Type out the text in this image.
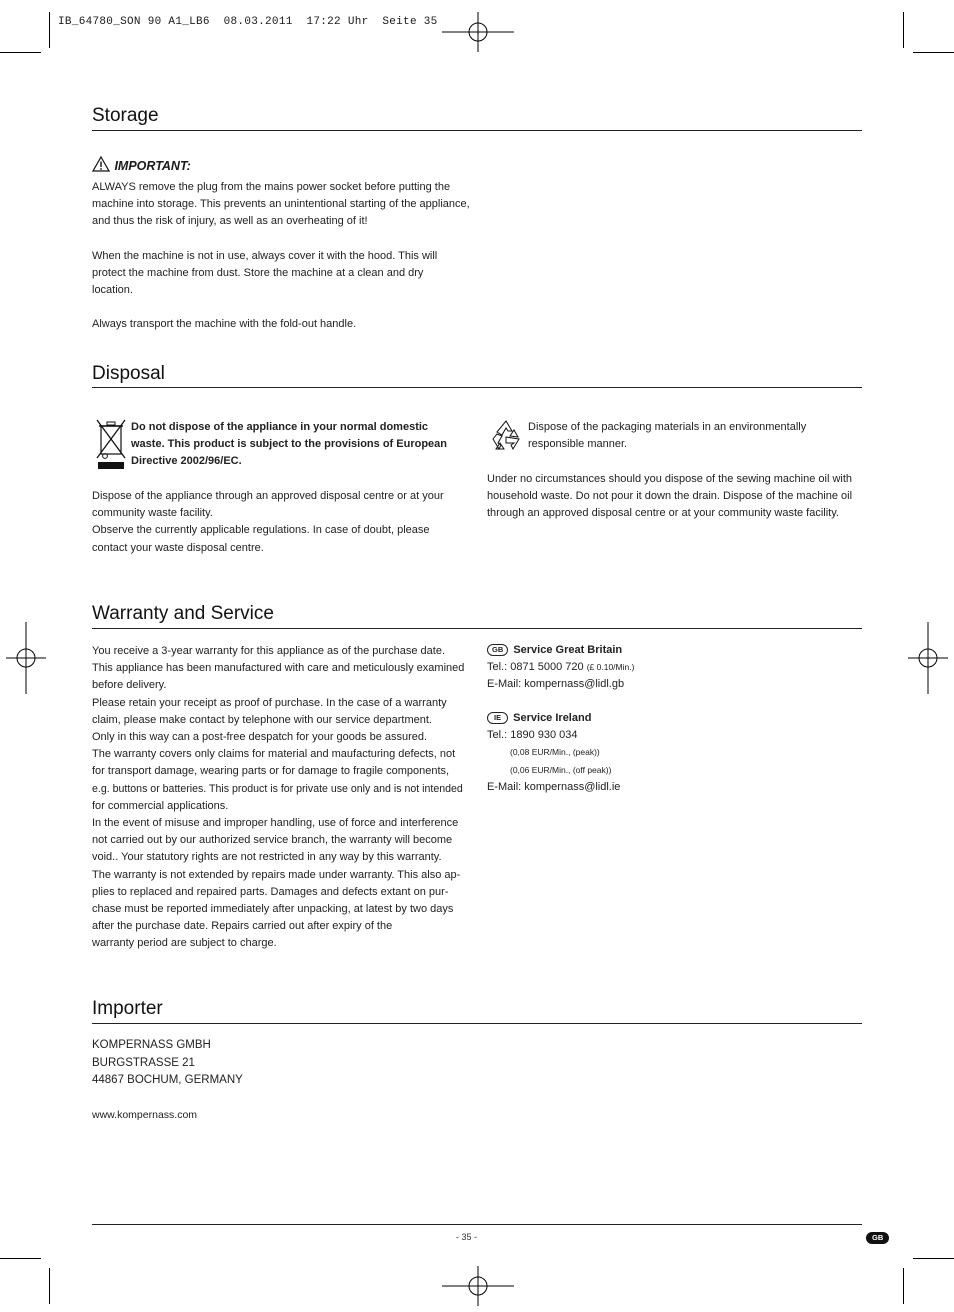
IB_64780_SON 90 A1_LB6  08.03.2011  17:22 Uhr  Seite 35
Storage
IMPORTANT:

ALWAYS remove the plug from the mains power socket before putting the

machine into storage. This prevents an unintentional starting of the appliance,

and thus the risk of injury, as well as an overheating of it!

When the machine is not in use, always cover it with the hood. This will

protect the machine from dust. Store the machine at a clean and dry

location.

Always transport the machine with the fold-out handle.
Disposal

Do not dispose of the appliance in your normal domestic

waste. This product is subject to the provisions of European

Directive 2002/96/EC.

Dispose of the appliance through an approved disposal centre or at your

community waste facility.

Observe the currently applicable regulations. In case of doubt, please

contact your waste disposal centre.

Dispose of the packaging materials in an environmentally

responsible manner.

Under no circumstances should you dispose of the sewing machine oil with

household waste. Do not pour it down the drain. Dispose of the machine oil

through an approved disposal centre or at your community waste facility.

Warranty and Service

You receive a 3-year warranty for this appliance as of the purchase date.

This appliance has been manufactured with care and meticulously examined

before delivery.

Please retain your receipt as proof of purchase. In the case of a warranty

claim, please make contact by telephone with our service department.

Only in this way can a post-free despatch for your goods be assured.

The warranty covers only claims for material and maufacturing defects, not

for transport damage, wearing parts or for damage to fragile components,

e.g. buttons or batteries. This product is for private use only and is not intended

for commercial applications.

In the event of misuse and improper handling, use of force and interference

not carried out by our authorized service branch, the warranty will become

void.. Your statutory rights are not restricted in any way by this warranty.

The warranty is not extended by repairs made under warranty. This also ap-

plies to replaced and repaired parts. Damages and defects extant on pur-

chase must be reported immediately after unpacking, at latest by two days

after the purchase date. Repairs carried out after expiry of the

warranty period are subject to charge.

GB Service Great Britain

Tel.: 0871 5000 720 (£ 0.10/Min.)

E-Mail: kompernass@lidl.gb

IE Service Ireland

Tel.: 1890 930 034

(0,08 EUR/Min., (peak))

(0,06 EUR/Min., (off peak))

E-Mail: kompernass@lidl.ie

Importer

KOMPERNASS GMBH

BURGSTRASSE 21

44867 BOCHUM, GERMANY

www.kompernass.com
- 35 -	GB
